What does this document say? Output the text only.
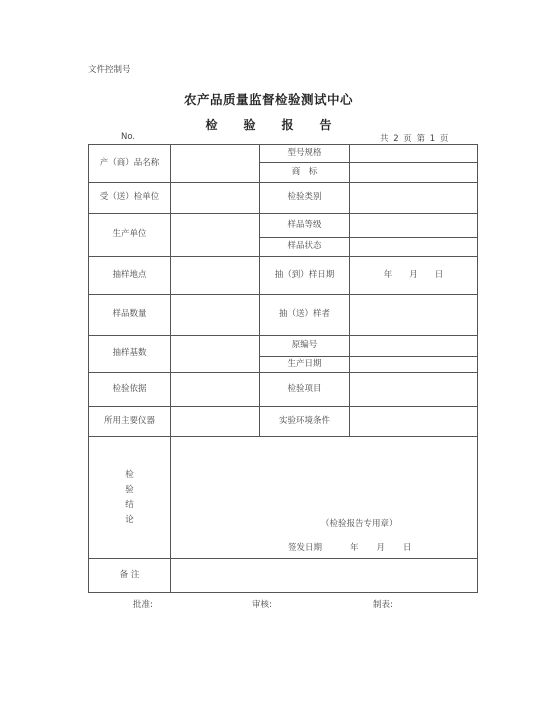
文件控制号
农产品质量监督检验测试中心
检 验 报 告
No.	共 2 页 第 1 页
产（商）品名称		型号规格	
		商　标	
受（送）检单位		检验类别	
生产单位		样品等级	
		样品状态	
抽样地点		抽（到）样日期	年　　月　　日
样品数量		抽（送）样者	
抽样基数		原编号	
		生产日期	
检验依据		检验项目	
所用主要仪器		实验环境条件	
检验结论	（检验报告专用章）
签发日期 年 月 日		

备 注			
批准:	审核:	制表:
